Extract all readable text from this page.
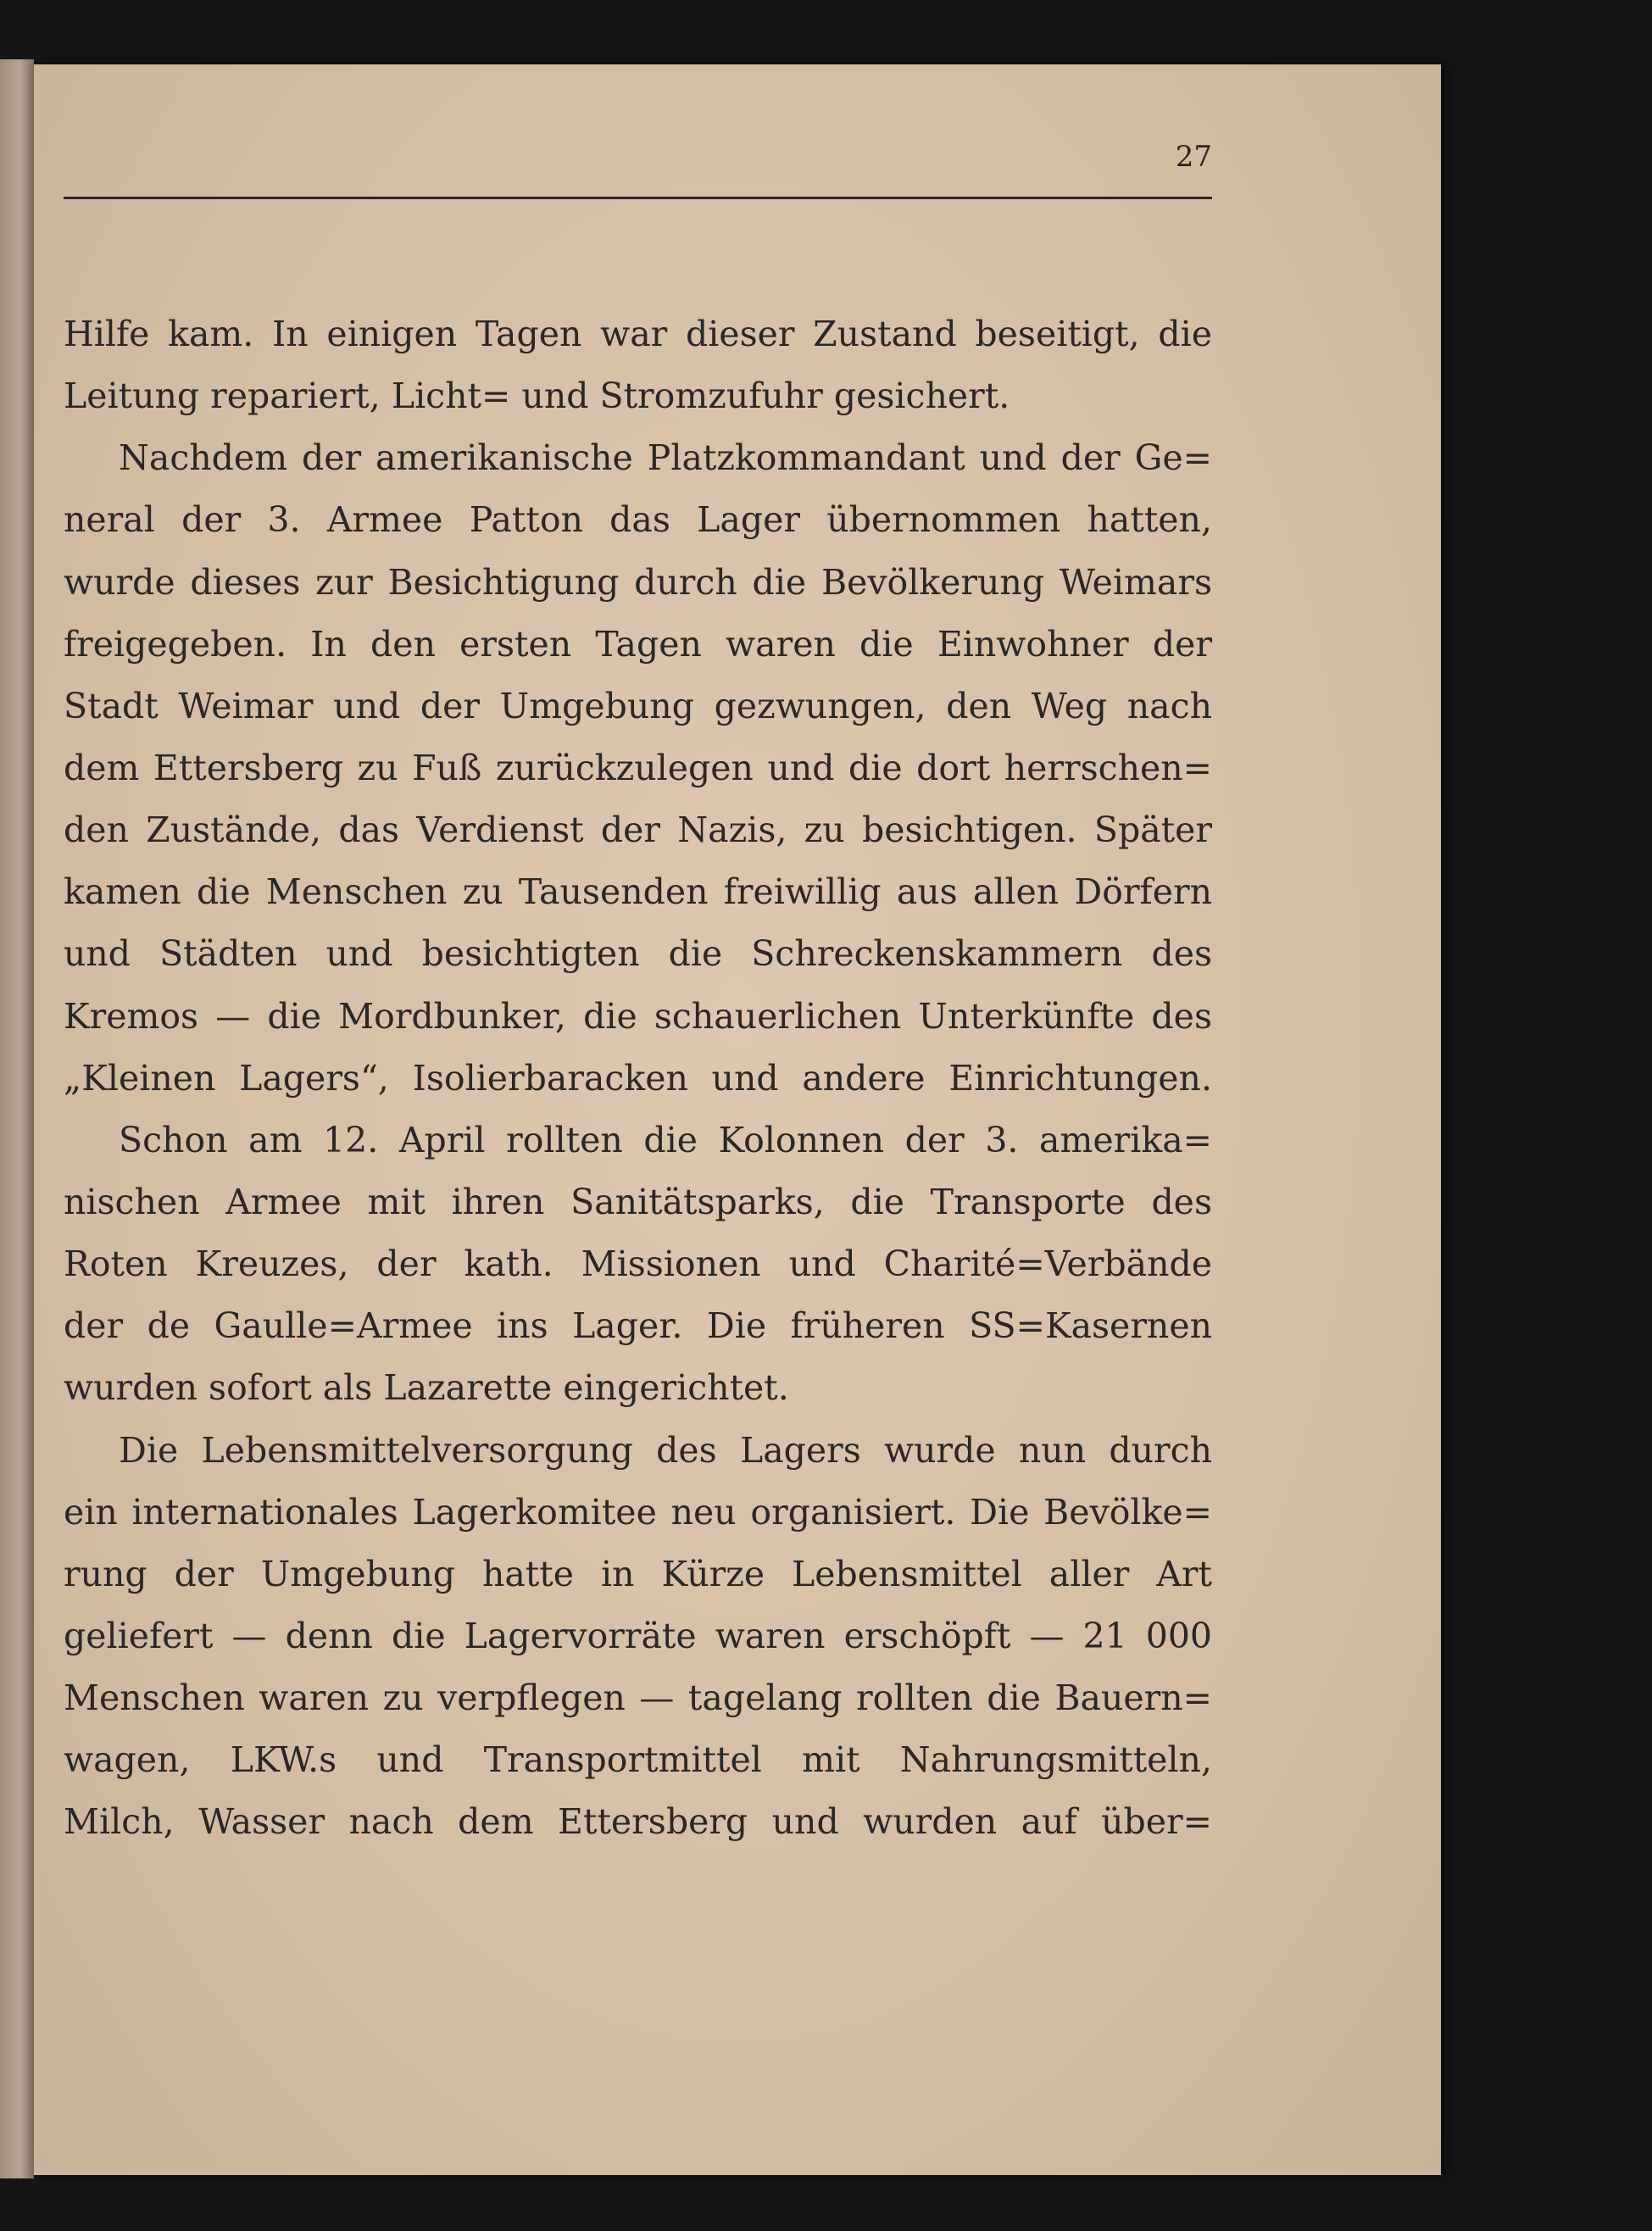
27
Hilfe kam. In einigen Tagen war dieser Zustand beseitigt, die
Leitung repariert, Licht= und Stromzufuhr gesichert.
Nachdem der amerikanische Platzkommandant und der Ge=
neral der 3. Armee Patton das Lager übernommen hatten,
wurde dieses zur Besichtigung durch die Bevölkerung Weimars
freigegeben. In den ersten Tagen waren die Einwohner der
Stadt Weimar und der Umgebung gezwungen, den Weg nach
dem Ettersberg zu Fuß zurückzulegen und die dort herrschen=
den Zustände, das Verdienst der Nazis, zu besichtigen. Später
kamen die Menschen zu Tausenden freiwillig aus allen Dörfern
und Städten und besichtigten die Schreckenskammern des
Kremos — die Mordbunker, die schauerlichen Unterkünfte des
„Kleinen Lagers“, Isolierbaracken und andere Einrichtungen.
Schon am 12. April rollten die Kolonnen der 3. amerika=
nischen Armee mit ihren Sanitätsparks, die Transporte des
Roten Kreuzes, der kath. Missionen und Charité=Verbände
der de Gaulle=Armee ins Lager. Die früheren SS=Kasernen
wurden sofort als Lazarette eingerichtet.
Die Lebensmittelversorgung des Lagers wurde nun durch
ein internationales Lagerkomitee neu organisiert. Die Bevölke=
rung der Umgebung hatte in Kürze Lebensmittel aller Art
geliefert — denn die Lagervorräte waren erschöpft — 21 000
Menschen waren zu verpflegen — tagelang rollten die Bauern=
wagen, LKW.s und Transportmittel mit Nahrungsmitteln,
Milch, Wasser nach dem Ettersberg und wurden auf über=
